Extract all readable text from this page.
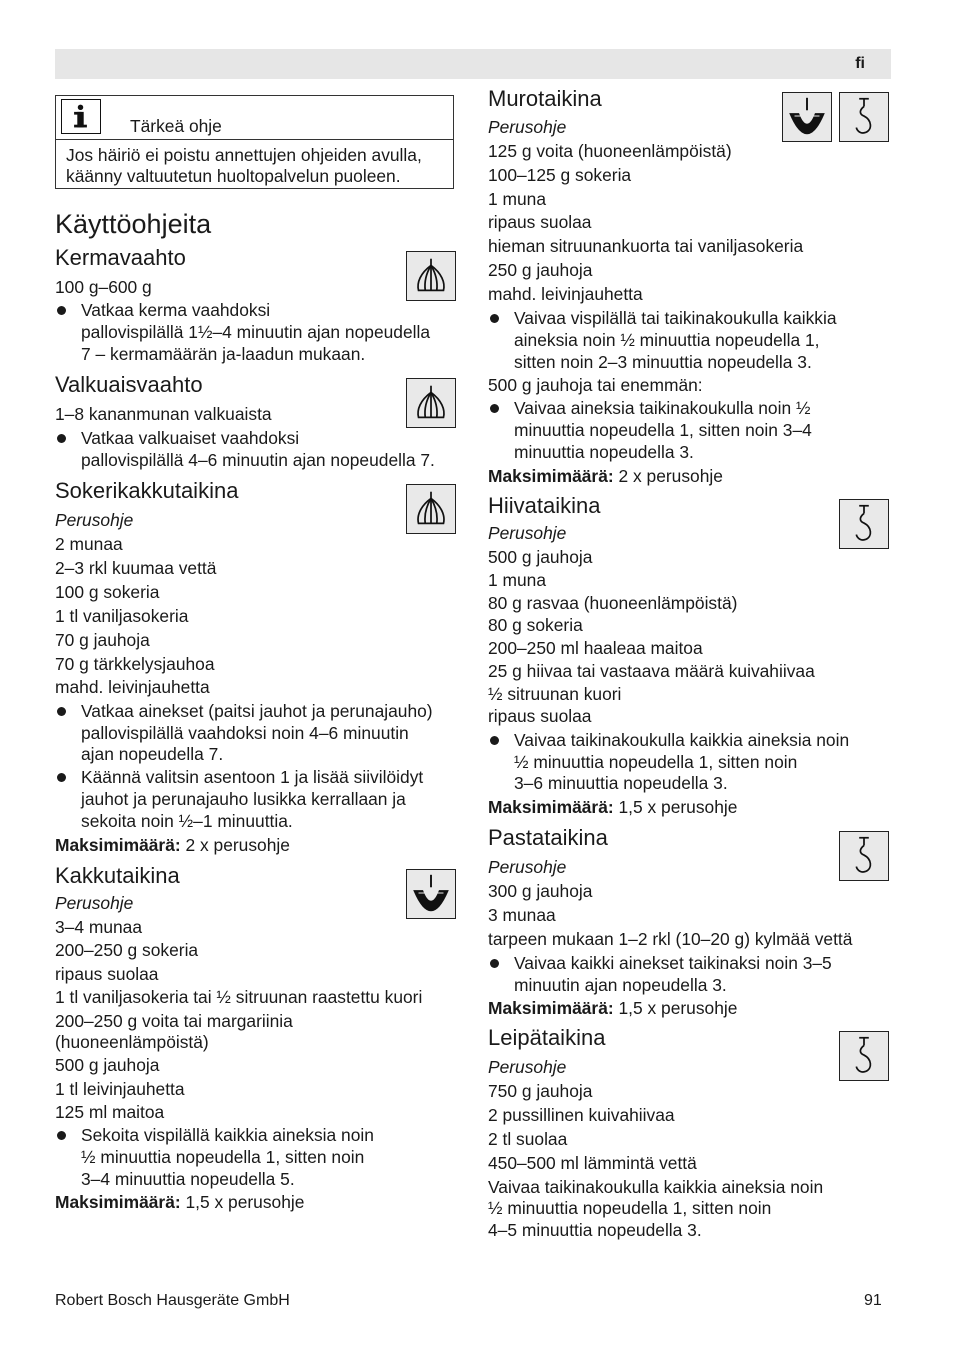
fi
Tärkeä ohje
Jos häiriö ei poistu annettujen ohjeiden avulla,
käänny valtuutetun huoltopalvelun puoleen.
Käyttöohjeita
Kermavaahto
100 g–600 g
Vatkaa kerma vaahdoksi
pallovispilällä 1½–4 minuutin ajan nopeudella
7 – kermamäärän ja-laadun mukaan.
Valkuaisvaahto
1–8 kananmunan valkuaista
Vatkaa valkuaiset vaahdoksi
pallovispilällä 4–6 minuutin ajan nopeudella 7.
Sokerikakkutaikina
Perusohje
2 munaa
2–3 rkl kuumaa vettä
100 g sokeria
1 tl vaniljasokeria
70 g jauhoja
70 g tärkkelysjauhoa
mahd. leivinjauhetta
Vatkaa ainekset (paitsi jauhot ja perunajauho)
pallovispilällä vaahdoksi noin 4–6 minuutin
ajan nopeudella 7.
Käännä valitsin asentoon 1 ja lisää siivilöidyt
jauhot ja perunajauho lusikka kerrallaan ja
sekoita noin ½–1 minuuttia.
Maksimimäärä: 2 x perusohje
Kakkutaikina
Perusohje
3–4 munaa
200–250 g sokeria
ripaus suolaa
1 tl vaniljasokeria tai ½ sitruunan raastettu kuori
200–250 g voita tai margariinia
(huoneenlämpöistä)
500 g jauhoja
1 tl leivinjauhetta
125 ml maitoa
Sekoita vispilällä kaikkia aineksia noin
½ minuuttia nopeudella 1, sitten noin
3–4 minuuttia nopeudella 5.
Maksimimäärä: 1,5 x perusohje
Murotaikina
Perusohje
125 g voita (huoneenlämpöistä)
100–125 g sokeria
1 muna
ripaus suolaa
hieman sitruunankuorta tai vaniljasokeria
250 g jauhoja
mahd. leivinjauhetta
Vaivaa vispilällä tai taikinakoukulla kaikkia
aineksia noin ½ minuuttia nopeudella 1,
sitten noin 2–3 minuuttia nopeudella 3.
500 g jauhoja tai enemmän:
Vaivaa aineksia taikinakoukulla noin ½
minuuttia nopeudella 1, sitten noin 3–4
minuuttia nopeudella 3.
Maksimimäärä: 2 x perusohje
Hiivataikina
Perusohje
500 g jauhoja
1 muna
80 g rasvaa (huoneenlämpöistä)
80 g sokeria
200–250 ml haaleaa maitoa
25 g hiivaa tai vastaava määrä kuivahiivaa
½ sitruunan kuori
ripaus suolaa
Vaivaa taikinakoukulla kaikkia aineksia noin
½ minuuttia nopeudella 1, sitten noin
3–6 minuuttia nopeudella 3.
Maksimimäärä: 1,5 x perusohje
Pastataikina
Perusohje
300 g jauhoja
3 munaa
tarpeen mukaan 1–2 rkl (10–20 g) kylmää vettä
Vaivaa kaikki ainekset taikinaksi noin 3–5
minuutin ajan nopeudella 3.
Maksimimäärä: 1,5 x perusohje
Leipätaikina
Perusohje
750 g jauhoja
2 pussillinen kuivahiivaa
2 tl suolaa
450–500 ml lämmintä vettä
Vaivaa taikinakoukulla kaikkia aineksia noin
½ minuuttia nopeudella 1, sitten noin
4–5 minuuttia nopeudella 3.
Robert Bosch Hausgeräte GmbH	91
